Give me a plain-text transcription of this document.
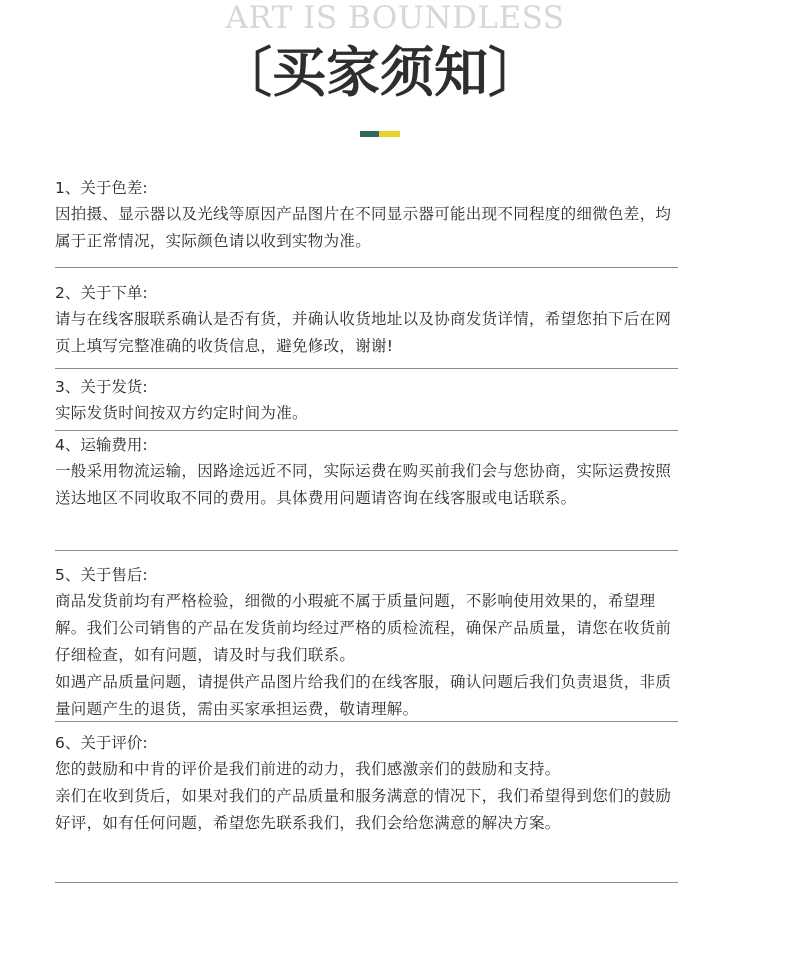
ART IS BOUNDLESS
〔买家须知〕
1、关于色差:

因拍摄、显示器以及光线等原因产品图片在不同显示器可能出现不同程度的细微色差，均属于正常情况，实际颜色请以收到实物为准。

2、关于下单:

请与在线客服联系确认是否有货，并确认收货地址以及协商发货详情，希望您拍下后在网页上填写完整准确的收货信息，避免修改，谢谢!

3、关于发货:

实际发货时间按双方约定时间为准。

4、运输费用:

一般采用物流运输，因路途远近不同，实际运费在购买前我们会与您协商，实际运费按照送达地区不同收取不同的费用。具体费用问题请咨询在线客服或电话联系。

5、关于售后:

商品发货前均有严格检验，细微的小瑕疵不属于质量问题，不影响使用效果的，希望理解。我们公司销售的产品在发货前均经过严格的质检流程，确保产品质量，请您在收货前仔细检查，如有问题，请及时与我们联系。

如遇产品质量问题，请提供产品图片给我们的在线客服，确认问题后我们负责退货，非质量问题产生的退货，需由买家承担运费，敬请理解。

6、关于评价:

您的鼓励和中肯的评价是我们前进的动力，我们感激亲们的鼓励和支持。

亲们在收到货后，如果对我们的产品质量和服务满意的情况下，我们希望得到您们的鼓励好评，如有任何问题，希望您先联系我们，我们会给您满意的解决方案。
